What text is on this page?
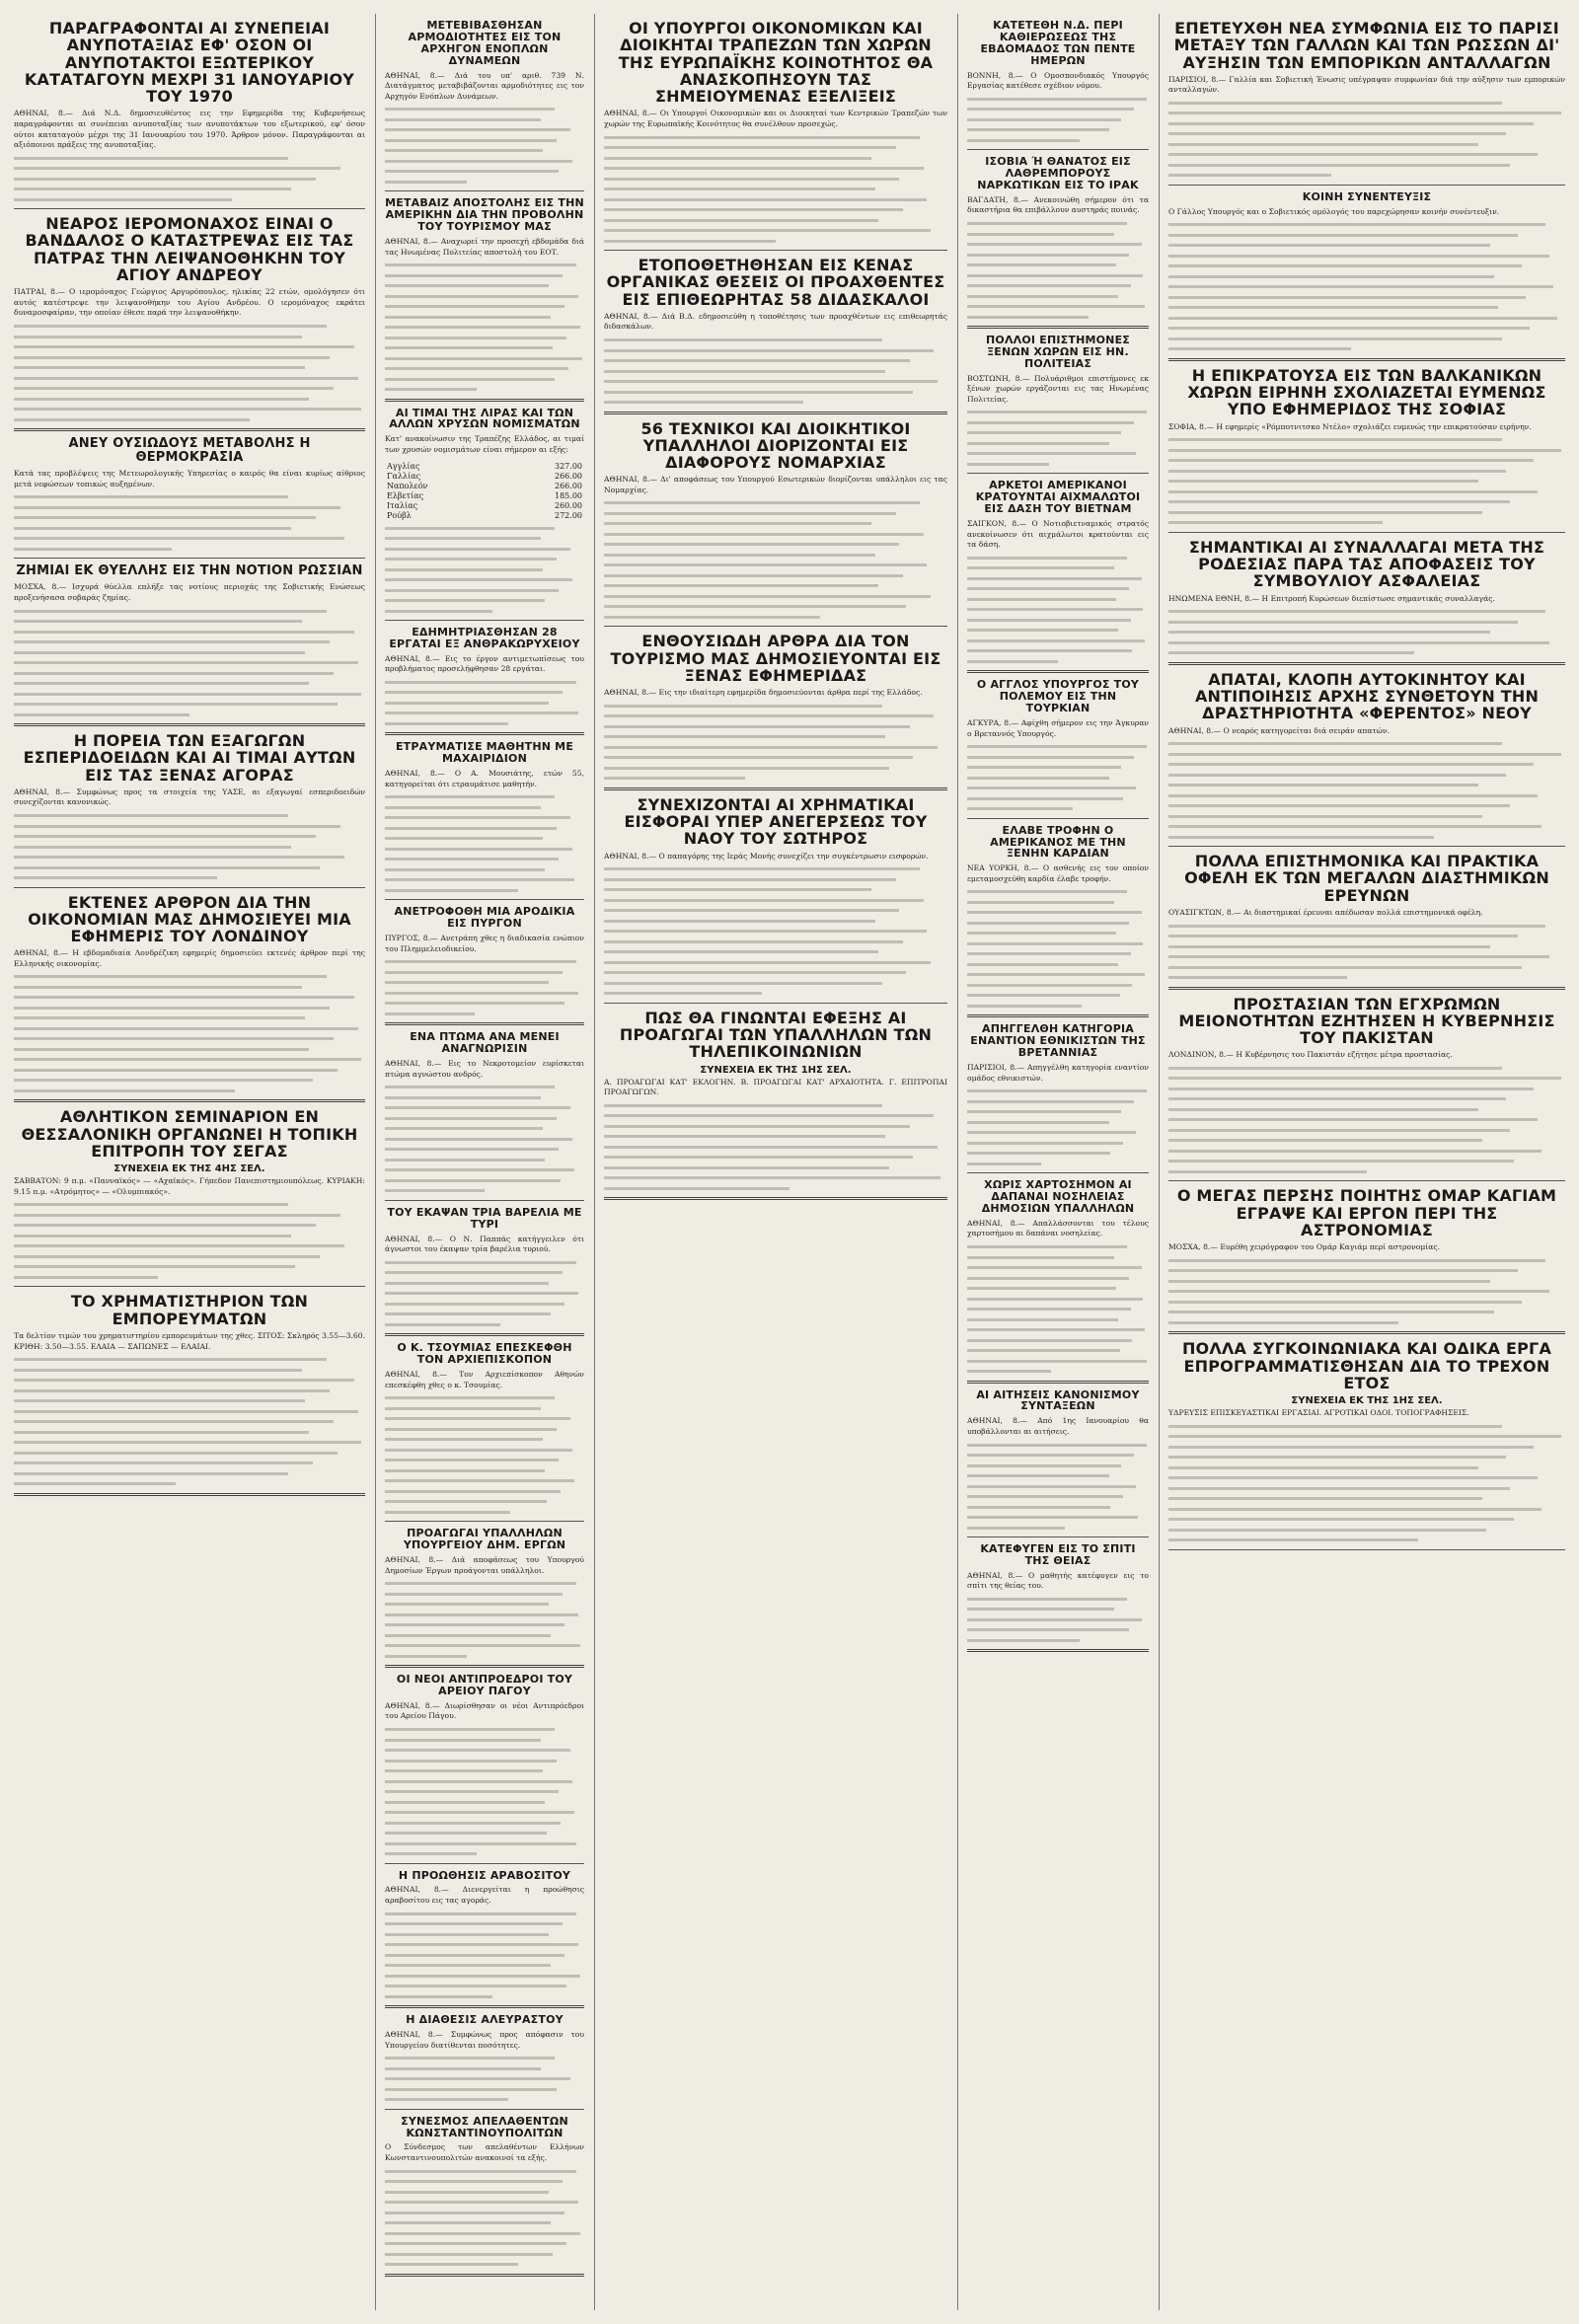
ΠΑΡΑΓΡΑΦΟΝΤΑΙ ΑΙ ΣΥΝΕΠΕΙΑΙ ΑΝΥΠΟΤΑΞΙΑΣ ΕΦ' ΟΣΟΝ ΟΙ ΑΝΥΠΟΤΑΚΤΟΙ ΕΞΩΤΕΡΙΚΟΥ ΚΑΤΑΤΑΓΟΥΝ ΜΕΧΡΙ 31 ΙΑΝΟΥΑΡΙΟΥ ΤΟΥ 1970

ΑΘΗΝΑΙ, 8.— Διά Ν.Δ. δημοσιευθέντος εις την Εφημερίδα της Κυβερνήσεως παραγράφονται αι συνέπειαι ανυποταξίας των ανυποτάκτων του εξωτερικού, εφ' όσον ούτοι καταταγούν μέχρι της 31 Ιανουαρίου του 1970. Άρθρον μόνον. Παραγράφονται αι αξιόποινοι πράξεις της ανυποταξίας.

ΝΕΑΡΟΣ ΙΕΡΟΜΟΝΑΧΟΣ ΕΙΝΑΙ Ο ΒΑΝΔΑΛΟΣ Ο ΚΑΤΑΣΤΡΕΨΑΣ ΕΙΣ ΤΑΣ ΠΑΤΡΑΣ ΤΗΝ ΛΕΙΨΑΝΟΘΗΚΗΝ ΤΟΥ ΑΓΙΟΥ ΑΝΔΡΕΟΥ

ΠΑΤΡΑΙ, 8.— Ο ιερομόναχος Γεώργιος Αργυρόπουλος, ηλικίας 22 ετών, ομολόγησεν ότι αυτός κατέστρεψε την λειψανοθήκην του Αγίου Ανδρέου. Ο ιερομόναχος εκράτει δυναμοσφαίραν, την οποίαν έθεσε παρά την λειψανοθήκην.

ΑΝΕΥ ΟΥΣΙΩΔΟΥΣ ΜΕΤΑΒΟΛΗΣ Η ΘΕΡΜΟΚΡΑΣΙΑ

Κατά τας προβλέψεις της Μετεωρολογικής Υπηρεσίας ο καιρός θα είναι κυρίως αίθριος μετά νεφώσεων τοπικώς αυξημένων.

ΖΗΜΙΑΙ ΕΚ ΘΥΕΛΛΗΣ ΕΙΣ ΤΗΝ ΝΟΤΙΟΝ ΡΩΣΣΙΑΝ

ΜΟΣΧΑ, 8.— Ισχυρά θύελλα επλήξε τας νοτίους περιοχάς της Σοβιετικής Ενώσεως προξενήσασα σοβαράς ζημίας.

Η ΠΟΡΕΙΑ ΤΩΝ ΕΞΑΓΩΓΩΝ ΕΣΠΕΡΙΔΟΕΙΔΩΝ ΚΑΙ ΑΙ ΤΙΜΑΙ ΑΥΤΩΝ ΕΙΣ ΤΑΣ ΞΕΝΑΣ ΑΓΟΡΑΣ

ΑΘΗΝΑΙ, 8.— Συμφώνως προς τα στοιχεία της ΥΑΣΕ, αι εξαγωγαί εσπεριδοειδών συνεχίζονται κανονικώς.

ΕΚΤΕΝΕΣ ΑΡΘΡΟΝ ΔΙΑ ΤΗΝ ΟΙΚΟΝΟΜΙΑΝ ΜΑΣ ΔΗΜΟΣΙΕΥΕΙ ΜΙΑ ΕΦΗΜΕΡΙΣ ΤΟΥ ΛΟΝΔΙΝΟΥ

ΑΘΗΝΑΙ, 8.— Η εβδομαδιαία Λονδρέζικη εφημερίς δημοσιεύει εκτενές άρθρον περί της Ελληνικής οικονομίας.

ΑΘΛΗΤΙΚΟΝ ΣΕΜΙΝΑΡΙΟΝ ΕΝ ΘΕΣΣΑΛΟΝΙΚΗ ΟΡΓΑΝΩΝΕΙ Η ΤΟΠΙΚΗ ΕΠΙΤΡΟΠΗ ΤΟΥ ΣΕΓΑΣ
ΣΥΝΕΧΕΙΑ ΕΚ ΤΗΣ 4ΗΣ ΣΕΛ.

ΣΑΒΒΑΤΟΝ: 9 π.μ. «Πανναϊκός» — «Αχαϊκός». Γήπεδον Πανεπιστημιουπόλεως. ΚΥΡΙΑΚΗ: 9.15 π.μ. «Ατρόμητος» — «Ολυμπιακός».

ΤΟ ΧΡΗΜΑΤΙΣΤΗΡΙΟΝ ΤΩΝ ΕΜΠΟΡΕΥΜΑΤΩΝ

Τα δελτίον τιμών του χρηματιστηρίου εμπορευμάτων της χθες. ΣΙΤΟΣ: Σκληρός 3.55—3.60. ΚΡΙΘΗ: 3.50—3.55. ΕΛΑΙΑ — ΣΑΠΩΝΕΣ — ΕΛΑΙΑΙ.

ΜΕΤΕΒΙΒΑΣΘΗΣΑΝ ΑΡΜΟΔΙΟΤΗΤΕΣ ΕΙΣ ΤΟΝ ΑΡΧΗΓΟΝ ΕΝΟΠΛΩΝ ΔΥΝΑΜΕΩΝ

ΑΘΗΝΑΙ, 8.— Διά του υπ' αριθ. 739 Ν. Διατάγματος μεταβιβάζονται αρμοδιότητες εις τον Αρχηγόν Ενόπλων Δυνάμεων.

ΜΕΤΑΒΑΙΖ ΑΠΟΣΤΟΛΗΣ ΕΙΣ ΤΗΝ ΑΜΕΡΙΚΗΝ ΔΙΑ ΤΗΝ ΠΡΟΒΟΛΗΝ ΤΟΥ ΤΟΥΡΙΣΜΟΥ ΜΑΣ

ΑΘΗΝΑΙ, 8.— Αναχωρεί την προσεχή εβδομάδα διά τας Ηνωμένας Πολιτείας αποστολή του ΕΟΤ.

ΑΙ ΤΙΜΑΙ ΤΗΣ ΛΙΡΑΣ ΚΑΙ ΤΩΝ ΑΛΛΩΝ ΧΡΥΣΩΝ ΝΟΜΙΣΜΑΤΩΝ

Κατ' ανακοίνωσιν της Τραπέζης Ελλάδος, αι τιμαί των χρυσών νομισμάτων είναι σήμερον αι εξής:

Αγγλίας	327.00
Γαλλίας	266.00
Ναπολεόν	266.00
Ελβετίας	185.00
Ιταλίας	260.00
Ρούβλ	272.00
ΕΔΗΜΗΤΡΙΑΣΘΗΣΑΝ 28 ΕΡΓΑΤΑΙ ΕΞ ΑΝΘΡΑΚΩΡΥΧΕΙΟΥ

ΑΘΗΝΑΙ, 8.— Εις το έργον αντιμετωπίσεως του προβλήματος προσελήφθησαν 28 εργάται.

ΕΤΡΑΥΜΑΤΙΣΕ ΜΑΘΗΤΗΝ ΜΕ ΜΑΧΑΙΡΙΔΙΟΝ

ΑΘΗΝΑΙ, 8.— Ο Α. Μουσιάτης, ετών 55, κατηγορείται ότι ετραυμάτισε μαθητήν.

ΑΝΕΤΡΟΦΟΘΗ ΜΙΑ ΑΡΟΔΙΚΙΑ ΕΙΣ ΠΥΡΓΟΝ

ΠΥΡΓΟΣ, 8.— Ανετράπη χθες η διαδικασία ενώπιον του Πλημμελειοδικείου.

ΕΝΑ ΠΤΩΜΑ ΑΝΑ ΜΕΝΕΙ ΑΝΑΓΝΩΡΙΣΙΝ

ΑΘΗΝΑΙ, 8.— Εις το Νεκροτομείον ευρίσκεται πτώμα αγνώστου ανδρός.

ΤΟΥ ΕΚΑΨΑΝ ΤΡΙΑ ΒΑΡΕΛΙΑ ΜΕ ΤΥΡΙ

ΑΘΗΝΑΙ, 8.— Ο Ν. Παππάς κατήγγειλεν ότι άγνωστοι του έκαψαν τρία βαρέλια τυριού.

Ο Κ. ΤΣΟΥΜΙΑΣ ΕΠΕΣΚΕΦΘΗ ΤΟΝ ΑΡΧΙΕΠΙΣΚΟΠΟΝ

ΑΘΗΝΑΙ, 8.— Τον Αρχιεπίσκοπον Αθηνών επεσκέφθη χθες ο κ. Τσουμίας.

ΠΡΟΑΓΩΓΑΙ ΥΠΑΛΛΗΛΩΝ ΥΠΟΥΡΓΕΙΟΥ ΔΗΜ. ΕΡΓΩΝ

ΑΘΗΝΑΙ, 8.— Διά αποφάσεως του Υπουργού Δημοσίων Έργων προάγονται υπάλληλοι.

ΟΙ ΝΕΟΙ ΑΝΤΙΠΡΟΕΔΡΟΙ ΤΟΥ ΑΡΕΙΟΥ ΠΑΓΟΥ

ΑΘΗΝΑΙ, 8.— Διωρίσθησαν οι νέοι Αντιπρόεδροι του Αρείου Πάγου.

Η ΠΡΟΩΘΗΣΙΣ ΑΡΑΒΟΣΙΤΟΥ

ΑΘΗΝΑΙ, 8.— Διενεργείται η προώθησις αραβοσίτου εις τας αγοράς.

Η ΔΙΑΘΕΣΙΣ ΑΛΕΥΡΑΣΤΟΥ

ΑΘΗΝΑΙ, 8.— Συμφώνως προς απόφασιν του Υπουργείου διατίθενται ποσότητες.

ΣΥΝΕΣΜΟΣ ΑΠΕΛΑΘΕΝΤΩΝ ΚΩΝΣΤΑΝΤΙΝΟΥΠΟΛΙΤΩΝ

Ο Σύνδεσμος των απελαθέντων Ελλήνων Κωνσταντινουπολιτών ανακοινοί τα εξής.

ΟΙ ΥΠΟΥΡΓΟΙ ΟΙΚΟΝΟΜΙΚΩΝ ΚΑΙ ΔΙΟΙΚΗΤΑΙ ΤΡΑΠΕΖΩΝ ΤΩΝ ΧΩΡΩΝ ΤΗΣ ΕΥΡΩΠΑΪΚΗΣ ΚΟΙΝΟΤΗΤΟΣ ΘΑ ΑΝΑΣΚΟΠΗΣΟΥΝ ΤΑΣ ΣΗΜΕΙΟΥΜΕΝΑΣ ΕΞΕΛΙΞΕΙΣ

ΑΘΗΝΑΙ, 8.— Οι Υπουργοί Οικονομικών και οι Διοικηταί των Κεντρικών Τραπεζών των χωρών της Ευρωπαϊκής Κοινότητος θα συνέλθουν προσεχώς.

ΕΤΟΠΟΘΕΤΗΘΗΣΑΝ ΕΙΣ ΚΕΝΑΣ ΟΡΓΑΝΙΚΑΣ ΘΕΣΕΙΣ ΟΙ ΠΡΟΑΧΘΕΝΤΕΣ ΕΙΣ ΕΠΙΘΕΩΡΗΤΑΣ 58 ΔΙΔΑΣΚΑΛΟΙ

ΑΘΗΝΑΙ, 8.— Διά Β.Δ. εδημοσιεύθη η τοποθέτησις των προαχθέντων εις επιθεωρητάς διδασκάλων.

56 ΤΕΧΝΙΚΟΙ ΚΑΙ ΔΙΟΙΚΗΤΙΚΟΙ ΥΠΑΛΛΗΛΟΙ ΔΙΟΡΙΖΟΝΤΑΙ ΕΙΣ ΔΙΑΦΟΡΟΥΣ ΝΟΜΑΡΧΙΑΣ

ΑΘΗΝΑΙ, 8.— Δι' αποφάσεως του Υπουργού Εσωτερικών διορίζονται υπάλληλοι εις τας Νομαρχίας.

ΕΝΘΟΥΣΙΩΔΗ ΑΡΘΡΑ ΔΙΑ ΤΟΝ ΤΟΥΡΙΣΜΟ ΜΑΣ ΔΗΜΟΣΙΕΥΟΝΤΑΙ ΕΙΣ ΞΕΝΑΣ ΕΦΗΜΕΡΙΔΑΣ

ΑΘΗΝΑΙ, 8.— Εις την ιδιαίτερη εφημερίδα δημοσιεύονται άρθρα περί της Ελλάδος.

ΣΥΝΕΧΙΖΟΝΤΑΙ ΑΙ ΧΡΗΜΑΤΙΚΑΙ ΕΙΣΦΟΡΑΙ ΥΠΕΡ ΑΝΕΓΕΡΣΕΩΣ ΤΟΥ ΝΑΟΥ ΤΟΥ ΣΩΤΗΡΟΣ

ΑΘΗΝΑΙ, 8.— Ο παπαγόρης της Ιεράς Μονής συνεχίζει την συγκέντρωσιν εισφορών.

ΠΩΣ ΘΑ ΓΙΝΩΝΤΑΙ ΕΦΕΞΗΣ ΑΙ ΠΡΟΑΓΩΓΑΙ ΤΩΝ ΥΠΑΛΛΗΛΩΝ ΤΩΝ ΤΗΛΕΠΙΚΟΙΝΩΝΙΩΝ
ΣΥΝΕΧΕΙΑ ΕΚ ΤΗΣ 1ΗΣ ΣΕΛ.

Α. ΠΡΟΑΓΩΓΑΙ ΚΑΤ' ΕΚΛΟΓΗΝ. Β. ΠΡΟΑΓΩΓΑΙ ΚΑΤ' ΑΡΧΑΙΟΤΗΤΑ. Γ. ΕΠΙΤΡΟΠΑΙ ΠΡΟΑΓΩΓΩΝ.

ΚΑΤΕΤΕΘΗ Ν.Δ. ΠΕΡΙ ΚΑΘΙΕΡΩΣΕΩΣ ΤΗΣ ΕΒΔΟΜΑΔΟΣ ΤΩΝ ΠΕΝΤΕ ΗΜΕΡΩΝ

ΒΟΝΝΗ, 8.— Ο Ομοσπονδιακός Υπουργός Εργασίας κατέθεσε σχέδιον νόμου.

ΙΣΟΒΙΑ Ή ΘΑΝΑΤΟΣ ΕΙΣ ΛΑΘΡΕΜΠΟΡΟΥΣ ΝΑΡΚΩΤΙΚΩΝ ΕΙΣ ΤΟ ΙΡΑΚ

ΒΑΓΔΑΤΗ, 8.— Ανεκοινώθη σήμερον ότι τα δικαστήρια θα επιβάλλουν αυστηράς ποινάς.

ΠΟΛΛΟΙ ΕΠΙΣΤΗΜΟΝΕΣ ΞΕΝΩΝ ΧΩΡΩΝ ΕΙΣ ΗΝ. ΠΟΛΙΤΕΙΑΣ

ΒΟΣΤΩΝΗ, 8.— Πολυάριθμοι επιστήμονες εκ ξένων χωρών εργάζονται εις τας Ηνωμένας Πολιτείας.

ΑΡΚΕΤΟΙ ΑΜΕΡΙΚΑΝΟΙ ΚΡΑΤΟΥΝΤΑΙ ΑΙΧΜΑΛΩΤΟΙ ΕΙΣ ΔΑΣΗ ΤΟΥ ΒΙΕΤΝΑΜ

ΣΑΙΓΚΟΝ, 8.— Ο Νοτιοβιετναμικός στρατός ανεκοίνωσεν ότι αιχμάλωτοι κρατούνται εις τα δάση.

Ο ΑΓΓΛΟΣ ΥΠΟΥΡΓΟΣ ΤΟΥ ΠΟΛΕΜΟΥ ΕΙΣ ΤΗΝ ΤΟΥΡΚΙΑΝ

ΑΓΚΥΡΑ, 8.— Αφίχθη σήμερον εις την Άγκυραν ο Βρεταννός Υπουργός.

ΕΛΑΒΕ ΤΡΟΦΗΝ Ο ΑΜΕΡΙΚΑΝΟΣ ΜΕ ΤΗΝ ΞΕΝΗΝ ΚΑΡΔΙΑΝ

ΝΕΑ ΥΟΡΚΗ, 8.— Ο ασθενής εις τον οποίον εμεταμοσχεύθη καρδία έλαβε τροφήν.

ΑΠΗΓΓΕΛΘΗ ΚΑΤΗΓΟΡΙΑ ΕΝΑΝΤΙΟΝ ΕΘΝΙΚΙΣΤΩΝ ΤΗΣ ΒΡΕΤΑΝΝΙΑΣ

ΠΑΡΙΣΙΟΙ, 8.— Απηγγέλθη κατηγορία εναντίον ομάδος εθνικιστών.

ΧΩΡΙΣ ΧΑΡΤΟΣΗΜΟΝ ΑΙ ΔΑΠΑΝΑΙ ΝΟΣΗΛΕΙΑΣ ΔΗΜΟΣΙΩΝ ΥΠΑΛΛΗΛΩΝ

ΑΘΗΝΑΙ, 8.— Απαλλάσσονται του τέλους χαρτοσήμου αι δαπάναι νοσηλείας.

ΑΙ ΑΙΤΗΣΕΙΣ ΚΑΝΟΝΙΣΜΟΥ ΣΥΝΤΑΞΕΩΝ

ΑΘΗΝΑΙ, 8.— Από 1ης Ιανουαρίου θα υποβάλλονται αι αιτήσεις.

ΚΑΤΕΦΥΓΕΝ ΕΙΣ ΤΟ ΣΠΙΤΙ ΤΗΣ ΘΕΙΑΣ

ΑΘΗΝΑΙ, 8.— Ο μαθητής κατέφυγεν εις το σπίτι της θείας του.

ΕΠΕΤΕΥΧΘΗ ΝΕΑ ΣΥΜΦΩΝΙΑ ΕΙΣ ΤΟ ΠΑΡΙΣΙ ΜΕΤΑΞΥ ΤΩΝ ΓΑΛΛΩΝ ΚΑΙ ΤΩΝ ΡΩΣΣΩΝ ΔΙ' ΑΥΞΗΣΙΝ ΤΩΝ ΕΜΠΟΡΙΚΩΝ ΑΝΤΑΛΛΑΓΩΝ

ΠΑΡΙΣΙΟΙ, 8.— Γαλλία και Σοβιετική Ένωσις υπέγραψαν συμφωνίαν διά την αύξησιν των εμπορικών ανταλλαγών.

ΚΟΙΝΗ ΣΥΝΕΝΤΕΥΞΙΣ

Ο Γάλλος Υπουργός και ο Σοβιετικός ομόλογός του παρεχώρησαν κοινήν συνέντευξιν.

Η ΕΠΙΚΡΑΤΟΥΣΑ ΕΙΣ ΤΩΝ ΒΑΛΚΑΝΙΚΩΝ ΧΩΡΩΝ ΕΙΡΗΝΗ ΣΧΟΛΙΑΖΕΤΑΙ ΕΥΜΕΝΩΣ ΥΠΟ ΕΦΗΜΕΡΙΔΟΣ ΤΗΣ ΣΟΦΙΑΣ

ΣΟΦΙΑ, 8.— Η εφημερίς «Ρόμποτνιτσκο Ντέλο» σχολιάζει ευμενώς την επικρατούσαν ειρήνην.

ΣΗΜΑΝΤΙΚΑΙ ΑΙ ΣΥΝΑΛΛΑΓΑΙ ΜΕΤΑ ΤΗΣ ΡΟΔΕΣΙΑΣ ΠΑΡΑ ΤΑΣ ΑΠΟΦΑΣΕΙΣ ΤΟΥ ΣΥΜΒΟΥΛΙΟΥ ΑΣΦΑΛΕΙΑΣ

ΗΝΩΜΕΝΑ ΕΘΝΗ, 8.— Η Επιτροπή Κυρώσεων διεπίστωσε σημαντικάς συναλλαγάς.

ΑΠΑΤΑΙ, ΚΛΟΠΗ ΑΥΤΟΚΙΝΗΤΟΥ ΚΑΙ ΑΝΤΙΠΟΙΗΣΙΣ ΑΡΧΗΣ ΣΥΝΘΕΤΟΥΝ ΤΗΝ ΔΡΑΣΤΗΡΙΟΤΗΤΑ «ΦΕΡΕΝΤΟΣ» ΝΕΟΥ

ΑΘΗΝΑΙ, 8.— Ο νεαρός κατηγορείται διά σειράν απατών.

ΠΟΛΛΑ ΕΠΙΣΤΗΜΟΝΙΚΑ ΚΑΙ ΠΡΑΚΤΙΚΑ ΟΦΕΛΗ ΕΚ ΤΩΝ ΜΕΓΑΛΩΝ ΔΙΑΣΤΗΜΙΚΩΝ ΕΡΕΥΝΩΝ

ΟΥΑΣΙΓΚΤΩΝ, 8.— Αι διαστημικαί έρευναι απέδωσαν πολλά επιστημονικά οφέλη.

ΠΡΟΣΤΑΣΙΑΝ ΤΩΝ ΕΓΧΡΩΜΩΝ ΜΕΙΟΝΟΤΗΤΩΝ ΕΖΗΤΗΣΕΝ Η ΚΥΒΕΡΝΗΣΙΣ ΤΟΥ ΠΑΚΙΣΤΑΝ

ΛΟΝΔΙΝΟΝ, 8.— Η Κυβέρνησις του Πακιστάν εζήτησε μέτρα προστασίας.

Ο ΜΕΓΑΣ ΠΕΡΣΗΣ ΠΟΙΗΤΗΣ ΟΜΑΡ ΚΑΓΙΑΜ ΕΓΡΑΨΕ ΚΑΙ ΕΡΓΟΝ ΠΕΡΙ ΤΗΣ ΑΣΤΡΟΝΟΜΙΑΣ

ΜΟΣΧΑ, 8.— Ευρέθη χειρόγραφον του Ομάρ Καγιάμ περί αστρονομίας.

ΠΟΛΛΑ ΣΥΓΚΟΙΝΩΝΙΑΚΑ ΚΑΙ ΟΔΙΚΑ ΕΡΓΑ ΕΠΡΟΓΡΑΜΜΑΤΙΣΘΗΣΑΝ ΔΙΑ ΤΟ ΤΡΕΧΟΝ ΕΤΟΣ
ΣΥΝΕΧΕΙΑ ΕΚ ΤΗΣ 1ΗΣ ΣΕΛ.

ΥΔΡΕΥΣΙΣ ΕΠΙΣΚΕΥΑΣΤΙΚΑΙ ΕΡΓΑΣΙΑΙ. ΑΓΡΟΤΙΚΑΙ ΟΔΟΙ. ΤΟΠΟΓΡΑΦΗΣΕΙΣ.
